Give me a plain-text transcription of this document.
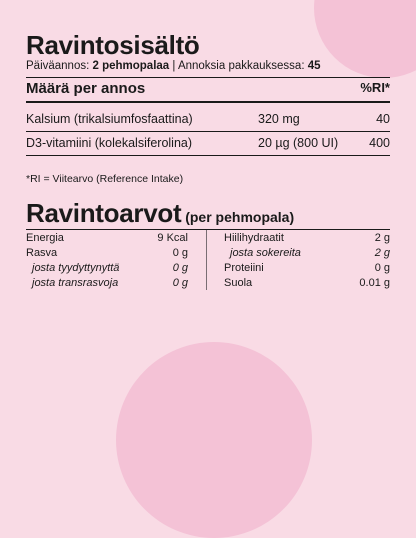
Ravintosisältö
Päiväannos: 2 pehmopalaa | Annoksia pakkauksessa: 45
Määrä per annos	%RI*
Kalsium (trikalsiumfosfaattina)	320 mg	40
D3-vitamiini (kolekalsiferolina)	20 µg (800 UI) 400
*RI = Viitearvo (Reference Intake)
Ravintoarvot (per pehmopala)
Energia	9 Kcal
Rasva	0 g
josta tyydyttynyttä	0 g
josta transrasvoja	0 g
Hiilihydraatit	2 g
josta sokereita	2 g
Proteiini	0 g
Suola	0.01 g
